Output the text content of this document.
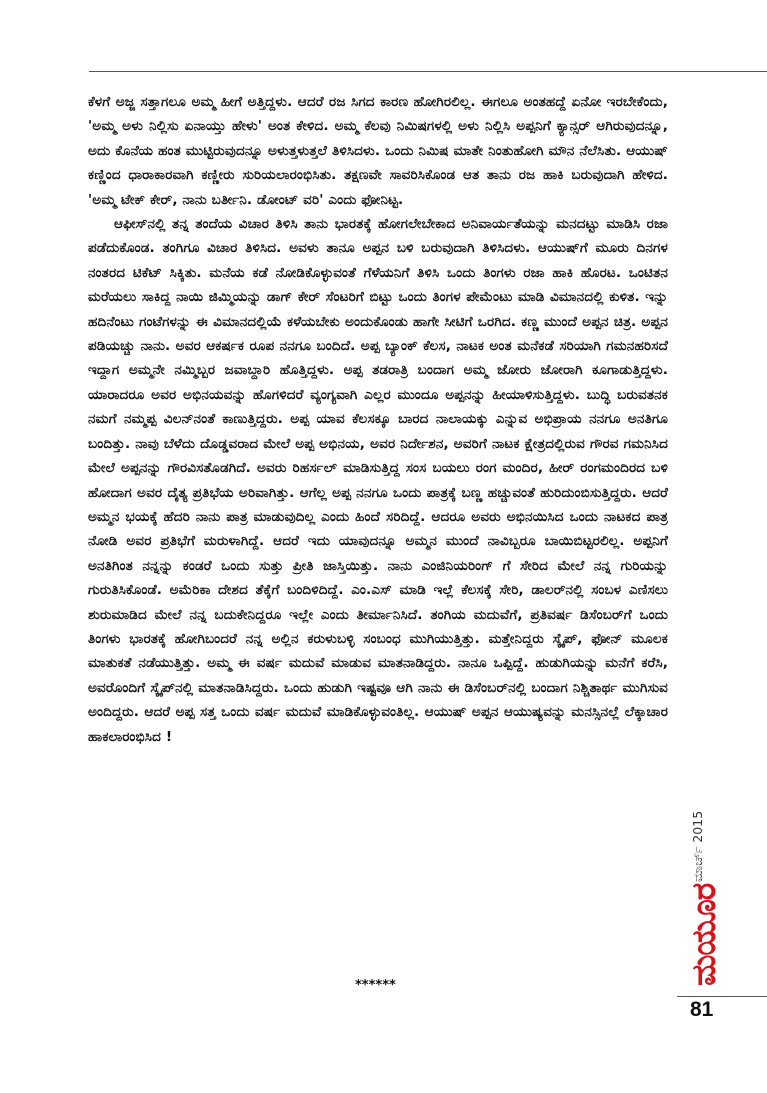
ಕೆಳಗೆ ಅಜ್ಜ ಸತ್ತಾಗಲೂ ಅಮ್ಮ ಹೀಗೆ ಅತ್ತಿದ್ದಳು. ಆದರೆ ರಜ ಸಿಗದ ಕಾರಣ ಹೋಗಿರಲಿಲ್ಲ. ಈಗಲೂ ಅಂತಹದ್ದೆ ಏನೋ ಇರಬೇಕೆಂದು, 'ಅಮ್ಮ ಅಳು ನಿಲ್ಲಿಸು ಏನಾಯ್ತು ಹೇಳು' ಅಂತ ಕೇಳಿದ. ಅಮ್ಮ ಕೆಲವು ನಿಮಿಷಗಳಲ್ಲಿ ಅಳು ನಿಲ್ಲಿಸಿ ಅಪ್ಪನಿಗೆ ಕ್ಯಾನ್ಸರ್ ಆಗಿರುವುದನ್ನೂ, ಅದು ಕೊನೆಯ ಹಂತ ಮುಟ್ಟಿರುವುದನ್ನೂ ಅಳುತ್ತಳುತ್ತಲೆ ತಿಳಿಸಿದಳು. ಒಂದು ನಿಮಿಷ ಮಾತೇ ನಿಂತುಹೋಗಿ ಮೌನ ನೆಲೆಸಿತು. ಆಯುಷ್ ಕಣ್ಣಿಂದ ಧಾರಾಕಾರವಾಗಿ ಕಣ್ಣೀರು ಸುರಿಯಲಾರಂಭಿಸಿತು. ತಕ್ಷಣವೇ ಸಾವರಿಸಿಕೊಂಡ ಆತ ತಾನು ರಜ ಹಾಕಿ ಬರುವುದಾಗಿ ಹೇಳಿದ. 'ಅಮ್ಮ ಟೇಕ್ ಕೇರ್, ನಾನು ಬರ್ತೀನಿ. ಡೋಂಟ್ ವರಿ' ಎಂದು ಫೋನಿಟ್ಟ.

ಆಫೀಸ್‌ನಲ್ಲಿ ತನ್ನ ತಂದೆಯ ವಿಚಾರ ತಿಳಿಸಿ ತಾನು ಭಾರತಕ್ಕೆ ಹೋಗಲೇಬೇಕಾದ ಅನಿವಾರ್ಯತೆಯನ್ನು ಮನದಟ್ಟು ಮಾಡಿಸಿ ರಜಾ ಪಡೆದುಕೊಂಡ. ತಂಗಿಗೂ ವಿಚಾರ ತಿಳಿಸಿದ. ಅವಳು ತಾನೂ ಅಪ್ಪನ ಬಳಿ ಬರುವುದಾಗಿ ತಿಳಿಸಿದಳು. ಆಯುಷ್‌ಗೆ ಮೂರು ದಿನಗಳ ನಂತರದ ಟಿಕೆಟ್ ಸಿಕ್ಕಿತು. ಮನೆಯ ಕಡೆ ನೋಡಿಕೊಳ್ಳುವಂತೆ ಗೆಳೆಯನಿಗೆ ತಿಳಿಸಿ ಒಂದು ತಿಂಗಳು ರಜಾ ಹಾಕಿ ಹೊರಟ. ಒಂಟಿತನ ಮರೆಯಲು ಸಾಕಿದ್ದ ನಾಯಿ ಜಿಮ್ಮಿಯನ್ನು ಡಾಗ್ ಕೇರ್ ಸೆಂಟರಿಗೆ ಬಿಟ್ಟು ಒಂದು ತಿಂಗಳ ಪೇಮೆಂಟು ಮಾಡಿ ವಿಮಾನದಲ್ಲಿ ಕುಳಿತ. ಇನ್ನು ಹದಿನೆಂಟು ಗಂಟೆಗಳನ್ನು ಈ ವಿಮಾನದಲ್ಲಿಯೆ ಕಳೆಯಬೇಕು ಅಂದುಕೊಂಡು ಹಾಗೇ ಸೀಟಿಗೆ ಒರಗಿದ. ಕಣ್ಣ ಮುಂದೆ ಅಪ್ಪನ ಚಿತ್ರ. ಅಪ್ಪನ ಪಡಿಯಚ್ಚು ನಾನು. ಅವರ ಆಕರ್ಷಕ ರೂಪ ನನಗೂ ಬಂದಿದೆ. ಅಪ್ಪ ಬ್ಯಾಂಕ್ ಕೆಲಸ, ನಾಟಕ ಅಂತ ಮನೆಕಡೆ ಸರಿಯಾಗಿ ಗಮನಹರಿಸದೆ ಇದ್ದಾಗ ಅಮ್ಮನೇ ನಮ್ಮಿಬ್ಬರ ಜವಾಬ್ದಾರಿ ಹೊತ್ತಿದ್ದಳು. ಅಪ್ಪ ತಡರಾತ್ರಿ ಬಂದಾಗ ಅಮ್ಮ ಜೋರು ಜೋರಾಗಿ ಕೂಗಾಡುತ್ತಿದ್ದಳು. ಯಾರಾದರೂ ಅವರ ಅಭಿನಯವನ್ನು ಹೊಗಳಿದರೆ ವ್ಯಂಗ್ಯವಾಗಿ ಎಲ್ಲರ ಮುಂದೂ ಅಪ್ಪನನ್ನು ಹೀಯಾಳಿಸುತ್ತಿದ್ದಳು. ಬುದ್ಧಿ ಬರುವತನಕ ನಮಗೆ ನಮ್ಮಪ್ಪ ವಿಲನ್‌ನಂತೆ ಕಾಣುತ್ತಿದ್ದರು. ಅಪ್ಪ ಯಾವ ಕೆಲಸಕ್ಕೂ ಬಾರದ ನಾಲಾಯಕ್ಕು ಎನ್ನುವ ಅಭಿಪ್ರಾಯ ನನಗೂ ಅನತಿಗೂ ಬಂದಿತ್ತು. ನಾವು ಬೆಳೆದು ದೊಡ್ಡವರಾದ ಮೇಲೆ ಅಪ್ಪ ಅಭಿನಯ, ಅವರ ನಿರ್ದೇಶನ, ಅವರಿಗೆ ನಾಟಕ ಕ್ಷೇತ್ರದಲ್ಲಿರುವ ಗೌರವ ಗಮನಿಸಿದ ಮೇಲೆ ಅಪ್ಪನನ್ನು ಗೌರವಿಸತೊಡಗಿದೆ. ಅವರು ರಿಹರ್ಸಲ್ ಮಾಡಿಸುತ್ತಿದ್ದ ಸಂಸ ಬಯಲು ರಂಗ ಮಂದಿರ, ಹೀರ್ ರಂಗಮಂದಿರದ ಬಳಿ ಹೋದಾಗ ಅವರ ದೈತ್ಯ ಪ್ರತಿಭೆಯ ಅರಿವಾಗಿತ್ತು. ಆಗೆಲ್ಲ ಅಪ್ಪ ನನಗೂ ಒಂದು ಪಾತ್ರಕ್ಕೆ ಬಣ್ಣ ಹಚ್ಚುವಂತೆ ಹುರಿದುಂಬಿಸುತ್ತಿದ್ದರು. ಆದರೆ ಅಮ್ಮನ ಭಯಕ್ಕೆ ಹೆದರಿ ನಾನು ಪಾತ್ರ ಮಾಡುವುದಿಲ್ಲ ಎಂದು ಹಿಂದೆ ಸರಿದಿದ್ದೆ. ಆದರೂ ಅವರು ಅಭಿನಯಿಸಿದ ಒಂದು ನಾಟಕದ ಪಾತ್ರ ನೋಡಿ ಅವರ ಪ್ರತಿಭೆಗೆ ಮರುಳಾಗಿದ್ದೆ. ಆದರೆ ಇದು ಯಾವುದನ್ನೂ ಅಮ್ಮನ ಮುಂದೆ ನಾವಿಬ್ಬರೂ ಬಾಯಿಬಿಟ್ಟರಲಿಲ್ಲ. ಅಪ್ಪನಿಗೆ ಅನತಿಗಿಂತ ನನ್ನನ್ನು ಕಂಡರೆ ಒಂದು ಸುತ್ತು ಪ್ರೀತಿ ಜಾಸ್ತಿಯಿತ್ತು. ನಾನು ಎಂಜಿನಿಯರಿಂಗ್ ಗೆ ಸೇರಿದ ಮೇಲೆ ನನ್ನ ಗುರಿಯನ್ನು ಗುರುತಿಸಿಕೊಂಡೆ. ಅಮೆರಿಕಾ ದೇಶದ ತೆಕ್ಕೆಗೆ ಬಂದಿಳಿದಿದ್ದೆ. ಎಂ.ಎಸ್ ಮಾಡಿ ಇಲ್ಲೆ ಕೆಲಸಕ್ಕೆ ಸೇರಿ, ಡಾಲರ್‌ನಲ್ಲಿ ಸಂಬಳ ಎಣಿಸಲು ಶುರುಮಾಡಿದ ಮೇಲೆ ನನ್ನ ಬದುಕೇನಿದ್ದರೂ ಇಲ್ಲೇ ಎಂದು ತೀರ್ಮಾನಿಸಿದೆ. ತಂಗಿಯ ಮದುವೆಗೆ, ಪ್ರತಿವರ್ಷ ಡಿಸೆಂಬರ್‌ಗೆ ಒಂದು ತಿಂಗಳು ಭಾರತಕ್ಕೆ ಹೋಗಿಬಂದರೆ ನನ್ನ ಅಲ್ಲಿನ ಕರುಳುಬಳ್ಳಿ ಸಂಬಂಧ ಮುಗಿಯುತ್ತಿತ್ತು. ಮತ್ತೇನಿದ್ದರು ಸ್ಕೈಪ್, ಫೋನ್ ಮೂಲಕ ಮಾತುಕತೆ ನಡೆಯುತ್ತಿತ್ತು. ಅಮ್ಮ ಈ ವರ್ಷ ಮದುವೆ ಮಾಡುವ ಮಾತನಾಡಿದ್ದರು. ನಾನೂ ಒಪ್ಪಿದ್ದೆ. ಹುಡುಗಿಯನ್ನು ಮನೆಗೆ ಕರೆಸಿ, ಅವರೊಂದಿಗೆ ಸ್ಕೈಪ್‌ನಲ್ಲಿ ಮಾತನಾಡಿಸಿದ್ದರು. ಒಂದು ಹುಡುಗಿ ಇಷ್ಟವೂ ಆಗಿ ನಾನು ಈ ಡಿಸೆಂಬರ್‌ನಲ್ಲಿ ಬಂದಾಗ ನಿಶ್ಚಿತಾರ್ಥ ಮುಗಿಸುವ ಅಂದಿದ್ದರು. ಆದರೆ ಅಪ್ಪ ಸತ್ತ ಒಂದು ವರ್ಷ ಮದುವೆ ಮಾಡಿಕೊಳ್ಳುವಂತಿಲ್ಲ. ಆಯುಷ್ ಅಪ್ಪನ ಆಯುಷ್ಯವನ್ನು ಮನಸ್ಸಿನಲ್ಲೆ ಲೆಕ್ಕಾಚಾರ ಹಾಕಲಾರಂಭಿಸಿದ !

******
ಮಾರ್ಚ್ 2015
ಮಯೂರ
81
